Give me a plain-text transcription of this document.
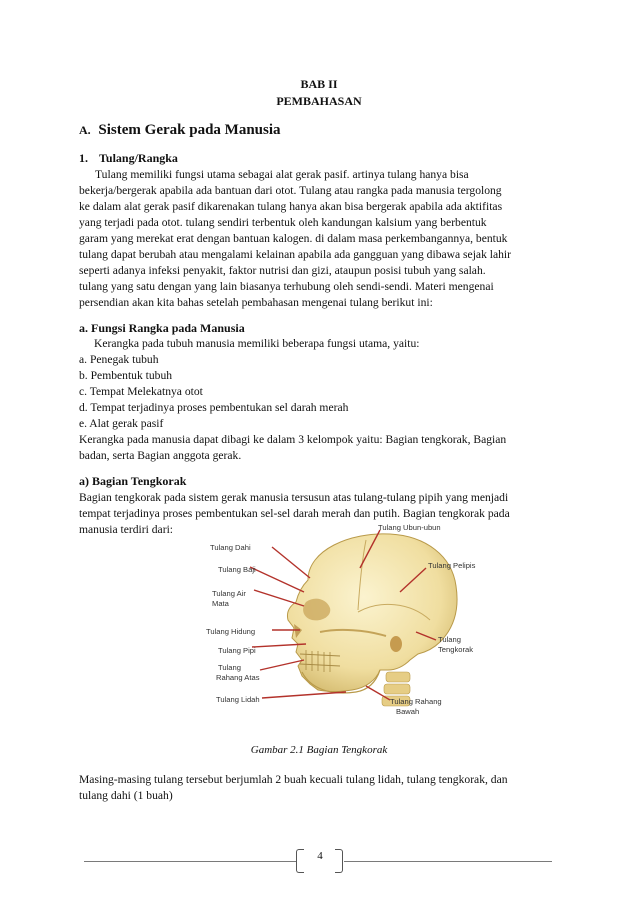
BAB II
PEMBAHASAN
A. Sistem Gerak pada Manusia
1. Tulang/Rangka
Tulang memiliki fungsi utama sebagai alat gerak pasif. artinya tulang hanya bisa
bekerja/bergerak apabila ada bantuan dari otot. Tulang atau rangka pada manusia tergolong
ke dalam alat gerak pasif dikarenakan tulang hanya akan bisa bergerak apabila ada aktifitas
yang terjadi pada otot. tulang sendiri terbentuk oleh kandungan kalsium yang berbentuk
garam yang merekat erat dengan bantuan kalogen. di dalam masa perkembangannya, bentuk
tulang dapat berubah atau mengalami kelainan apabila ada gangguan yang dibawa sejak lahir
seperti adanya infeksi penyakit, faktor nutrisi dan gizi, ataupun posisi tubuh yang salah.
tulang yang satu dengan yang lain biasanya terhubung oleh sendi-sendi. Materi mengenai
persendian akan kita bahas setelah pembahasan mengenai tulang berikut ini:
a. Fungsi Rangka pada Manusia
Kerangka pada tubuh manusia memiliki beberapa fungsi utama, yaitu:
a. Penegak tubuh
b. Pembentuk tubuh
c. Tempat Melekatnya otot
d. Tempat terjadinya proses pembentukan sel darah merah
e. Alat gerak pasif
Kerangka pada manusia dapat dibagi ke dalam 3 kelompok yaitu: Bagian tengkorak, Bagian
badan, serta Bagian anggota gerak.
a) Bagian Tengkorak
Bagian tengkorak pada sistem gerak manusia tersusun atas tulang-tulang pipih yang menjadi
tempat terjadinya proses pembentukan sel-sel darah merah dan putih. Bagian tengkorak pada
manusia terdiri dari:
Tulang Dahi
Tulang Baji
Tulang Air
Mata
Tulang Hidung
Tulang Pipi
Tulang
Rahang Atas
Tulang Lidah
Tulang Ubun-ubun
Tulang Pelipis
Tulang
Tengkorak
Tulang Rahang
Bawah
Gambar 2.1 Bagian Tengkorak
Masing-masing tulang tersebut berjumlah 2 buah kecuali tulang lidah, tulang tengkorak, dan
tulang dahi (1 buah)
4
